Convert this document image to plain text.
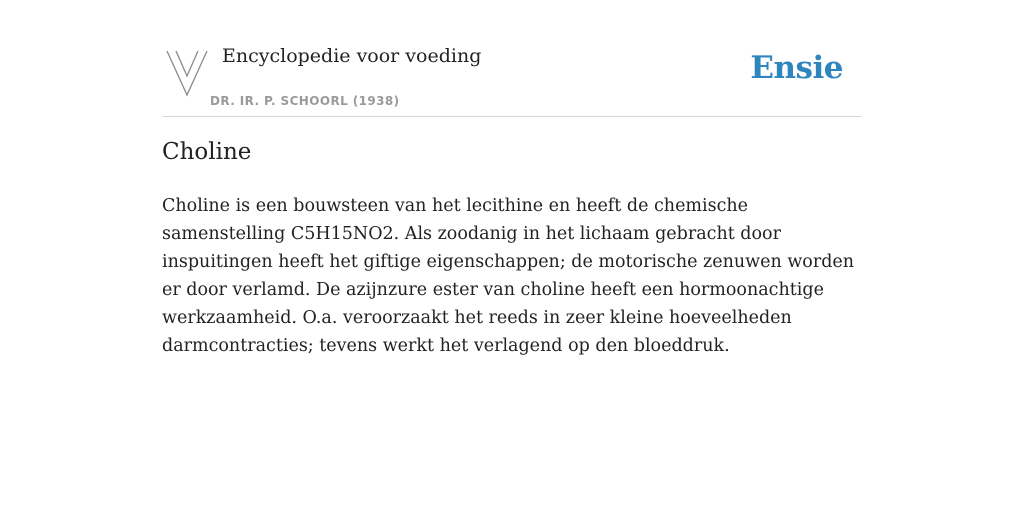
Encyclopedie voor voeding
DR. IR. P. SCHOORL (1938)
Ensie
Choline

Choline is een bouwsteen van het lecithine en heeft de chemische samenstelling C5H15NO2. Als zoodanig in het lichaam gebracht door inspuitingen heeft het giftige eigenschappen; de motorische zenuwen worden er door verlamd. De azijnzure ester van choline heeft een hormoonachtige werkzaamheid. O.a. veroorzaakt het reeds in zeer kleine hoeveelheden darmcontracties; tevens werkt het verlagend op den bloeddruk.
